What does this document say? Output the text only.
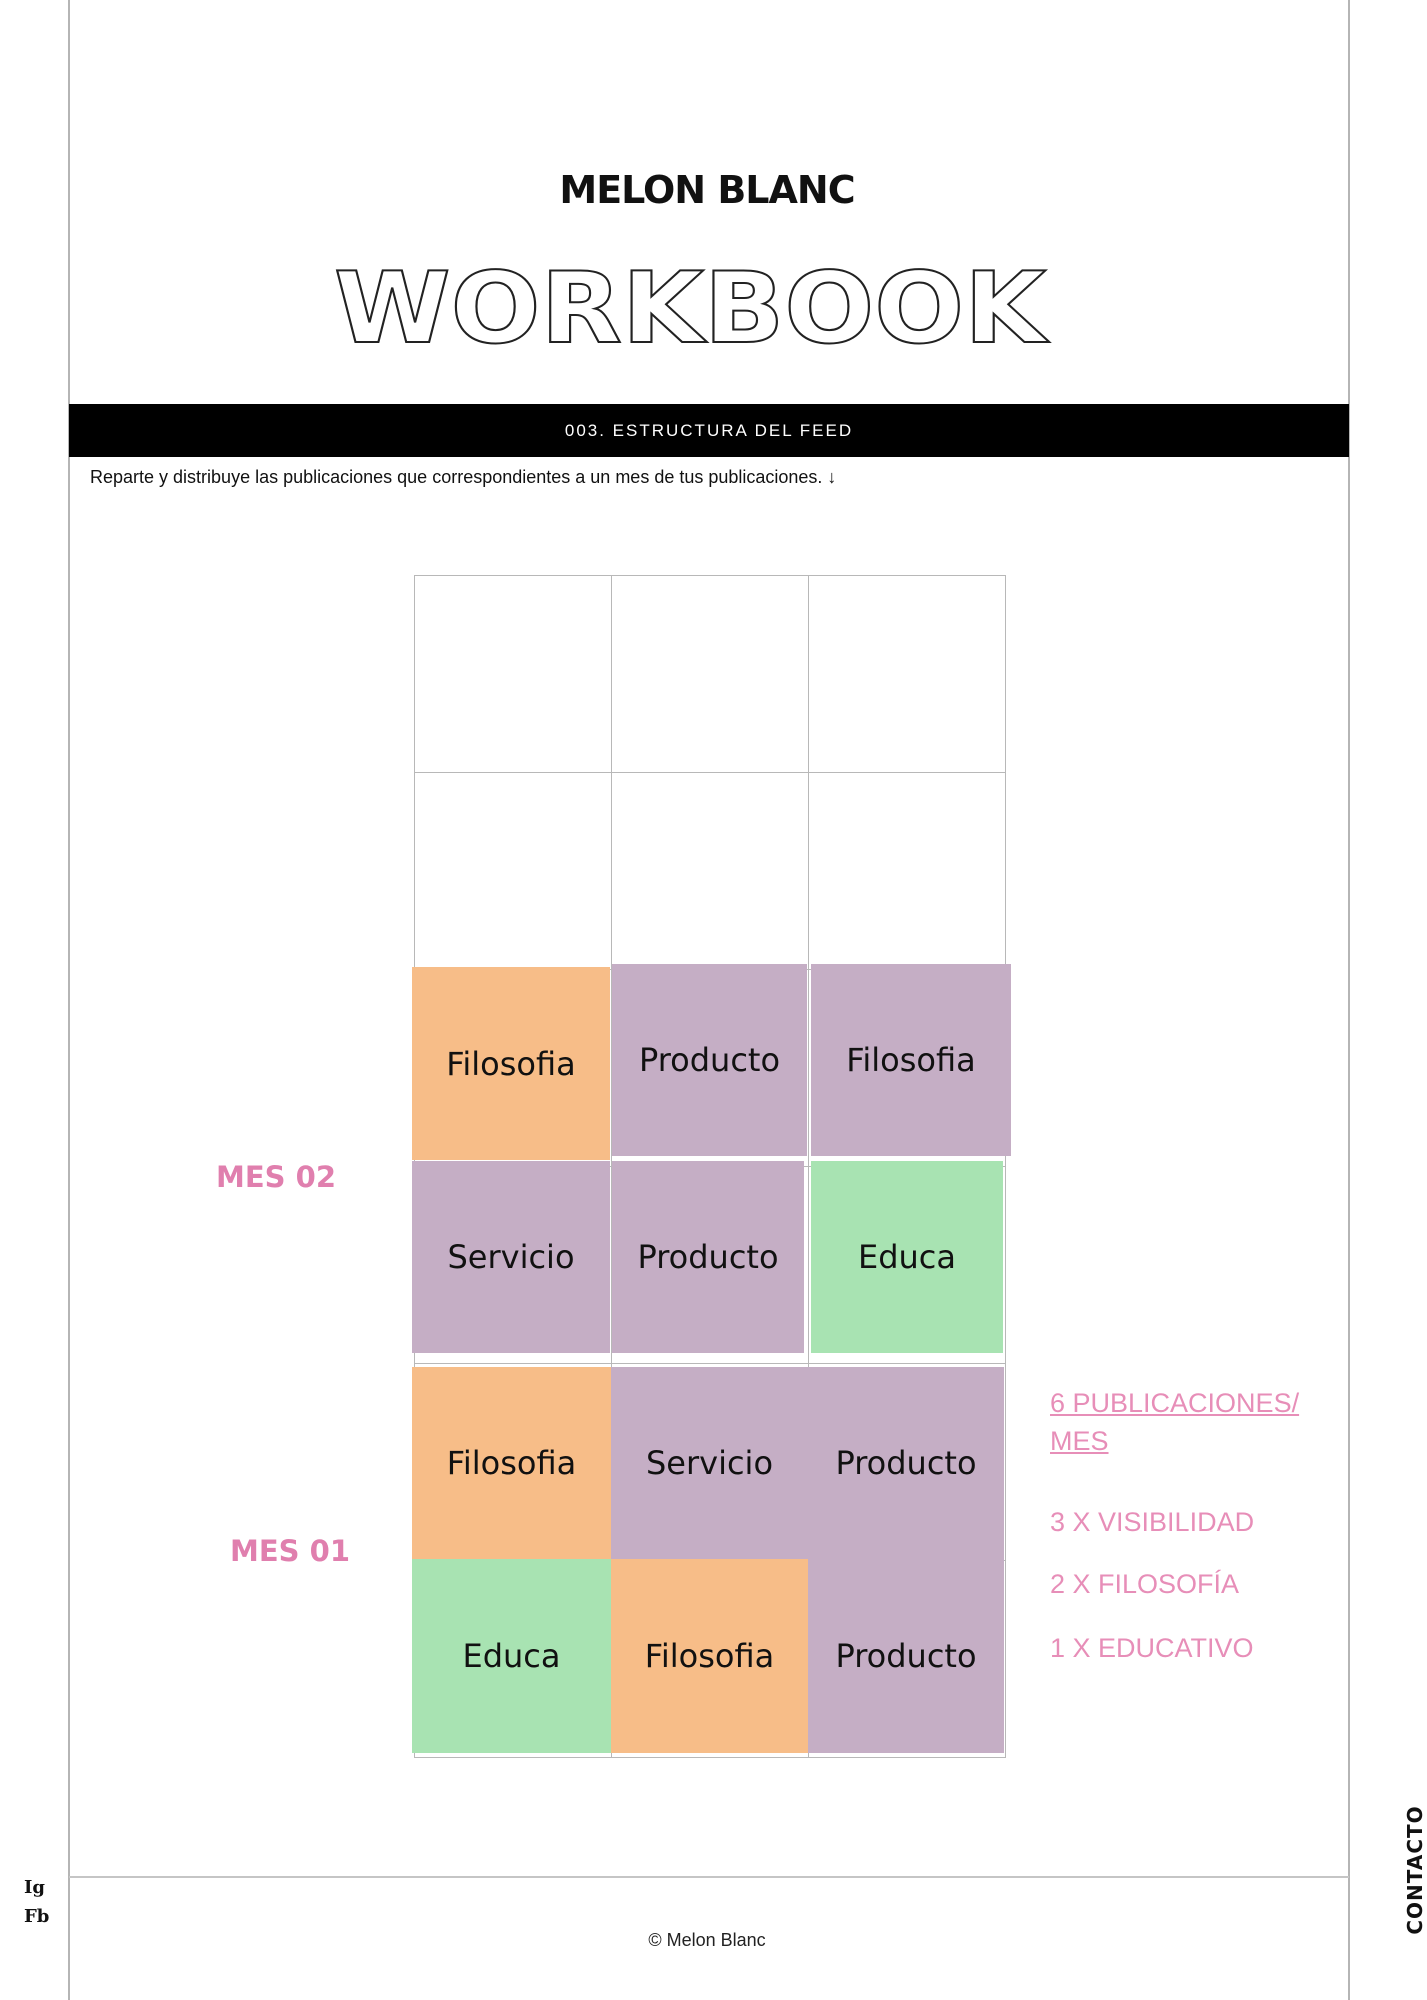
MELON BLANC
WORKBOOK
003. ESTRUCTURA DEL FEED
Reparte y distribuye las publicaciones que correspondientes a un mes de tus publicaciones. ↓
Filosofia	Producto	Filosofia
Servicio	Producto	Educa
Filosofia	Servicio	Producto
Educa	Filosofia	Producto
MES 02
MES 01
6 PUBLICACIONES/ MES
3 X VISIBILIDAD
2 X FILOSOFÍA
1 X EDUCATIVO
© Melon Blanc
Ig
Fb	CONTACTO
